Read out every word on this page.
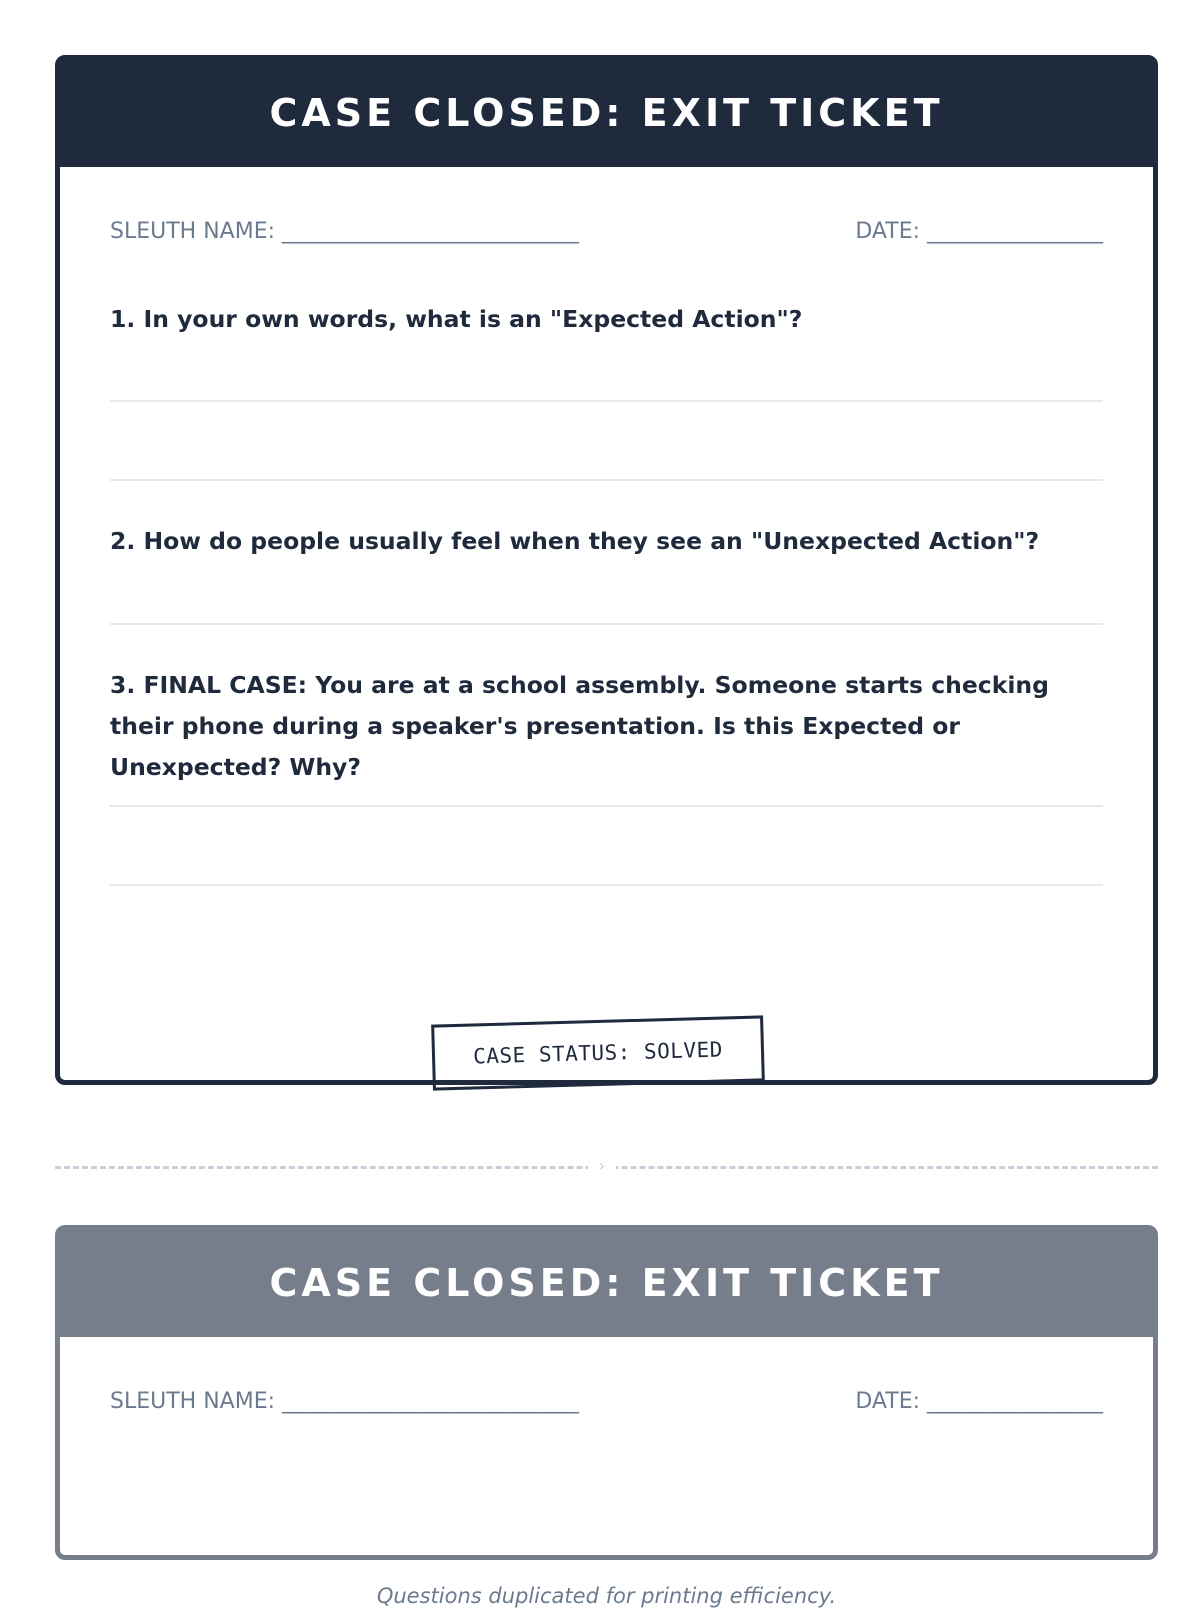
CASE CLOSED: EXIT TICKET
SLEUTH NAME: ___________________________	DATE: ________________
1. In your own words, what is an "Expected Action"?
2. How do people usually feel when they see an "Unexpected Action"?
3. FINAL CASE: You are at a school assembly. Someone starts checking their phone during a speaker's presentation. Is this Expected or Unexpected? Why?
CASE STATUS: SOLVED
›
CASE CLOSED: EXIT TICKET
SLEUTH NAME: ___________________________	DATE: ________________
Questions duplicated for printing efficiency.
